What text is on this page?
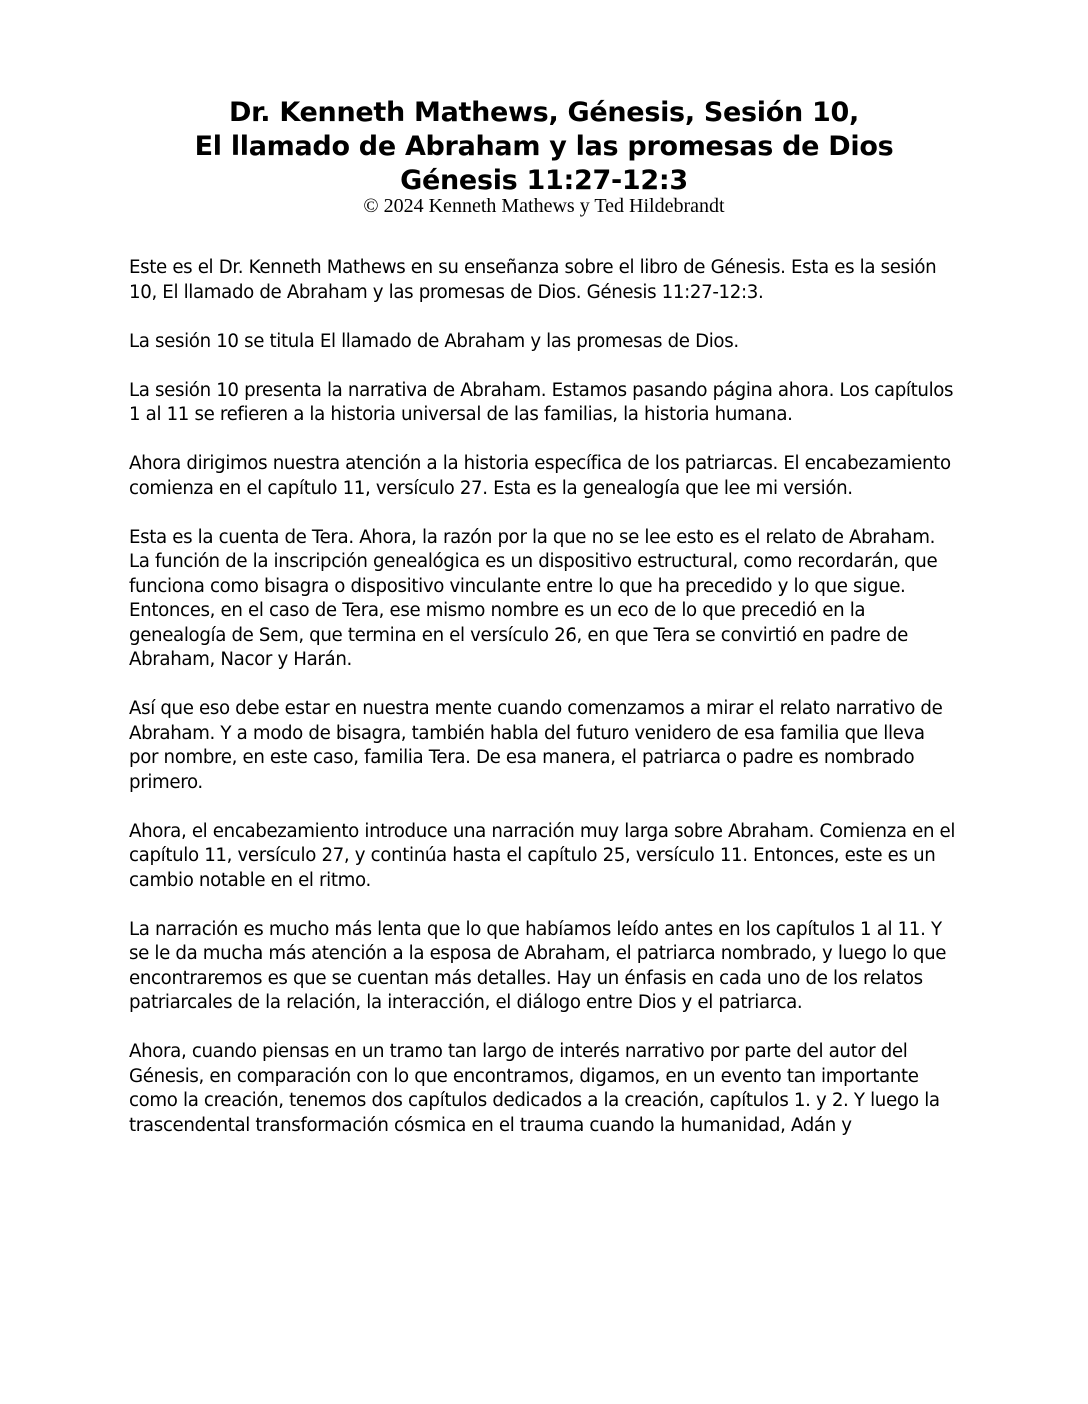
Dr. Kenneth Mathews, Génesis, Sesión 10,
El llamado de Abraham y las promesas de Dios
Génesis 11:27-12:3
© 2024 Kenneth Mathews y Ted Hildebrandt

Este es el Dr. Kenneth Mathews en su enseñanza sobre el libro de Génesis. Esta es la sesión 10, El llamado de Abraham y las promesas de Dios. Génesis 11:27-12:3.

La sesión 10 se titula El llamado de Abraham y las promesas de Dios.

La sesión 10 presenta la narrativa de Abraham. Estamos pasando página ahora. Los capítulos 1 al 11 se refieren a la historia universal de las familias, la historia humana.

Ahora dirigimos nuestra atención a la historia específica de los patriarcas. El encabezamiento comienza en el capítulo 11, versículo 27. Esta es la genealogía que lee mi versión.

Esta es la cuenta de Tera. Ahora, la razón por la que no se lee esto es el relato de Abraham. La función de la inscripción genealógica es un dispositivo estructural, como recordarán, que funciona como bisagra o dispositivo vinculante entre lo que ha precedido y lo que sigue. Entonces, en el caso de Tera, ese mismo nombre es un eco de lo que precedió en la genealogía de Sem, que termina en el versículo 26, en que Tera se convirtió en padre de Abraham, Nacor y Harán.

Así que eso debe estar en nuestra mente cuando comenzamos a mirar el relato narrativo de Abraham. Y a modo de bisagra, también habla del futuro venidero de esa familia que lleva por nombre, en este caso, familia Tera. De esa manera, el patriarca o padre es nombrado primero.

Ahora, el encabezamiento introduce una narración muy larga sobre Abraham. Comienza en el capítulo 11, versículo 27, y continúa hasta el capítulo 25, versículo 11. Entonces, este es un cambio notable en el ritmo.

La narración es mucho más lenta que lo que habíamos leído antes en los capítulos 1 al 11. Y se le da mucha más atención a la esposa de Abraham, el patriarca nombrado, y luego lo que encontraremos es que se cuentan más detalles. Hay un énfasis en cada uno de los relatos patriarcales de la relación, la interacción, el diálogo entre Dios y el patriarca.

Ahora, cuando piensas en un tramo tan largo de interés narrativo por parte del autor del Génesis, en comparación con lo que encontramos, digamos, en un evento tan importante como la creación, tenemos dos capítulos dedicados a la creación, capítulos 1. y 2. Y luego la trascendental transformación cósmica en el trauma cuando la humanidad, Adán y
